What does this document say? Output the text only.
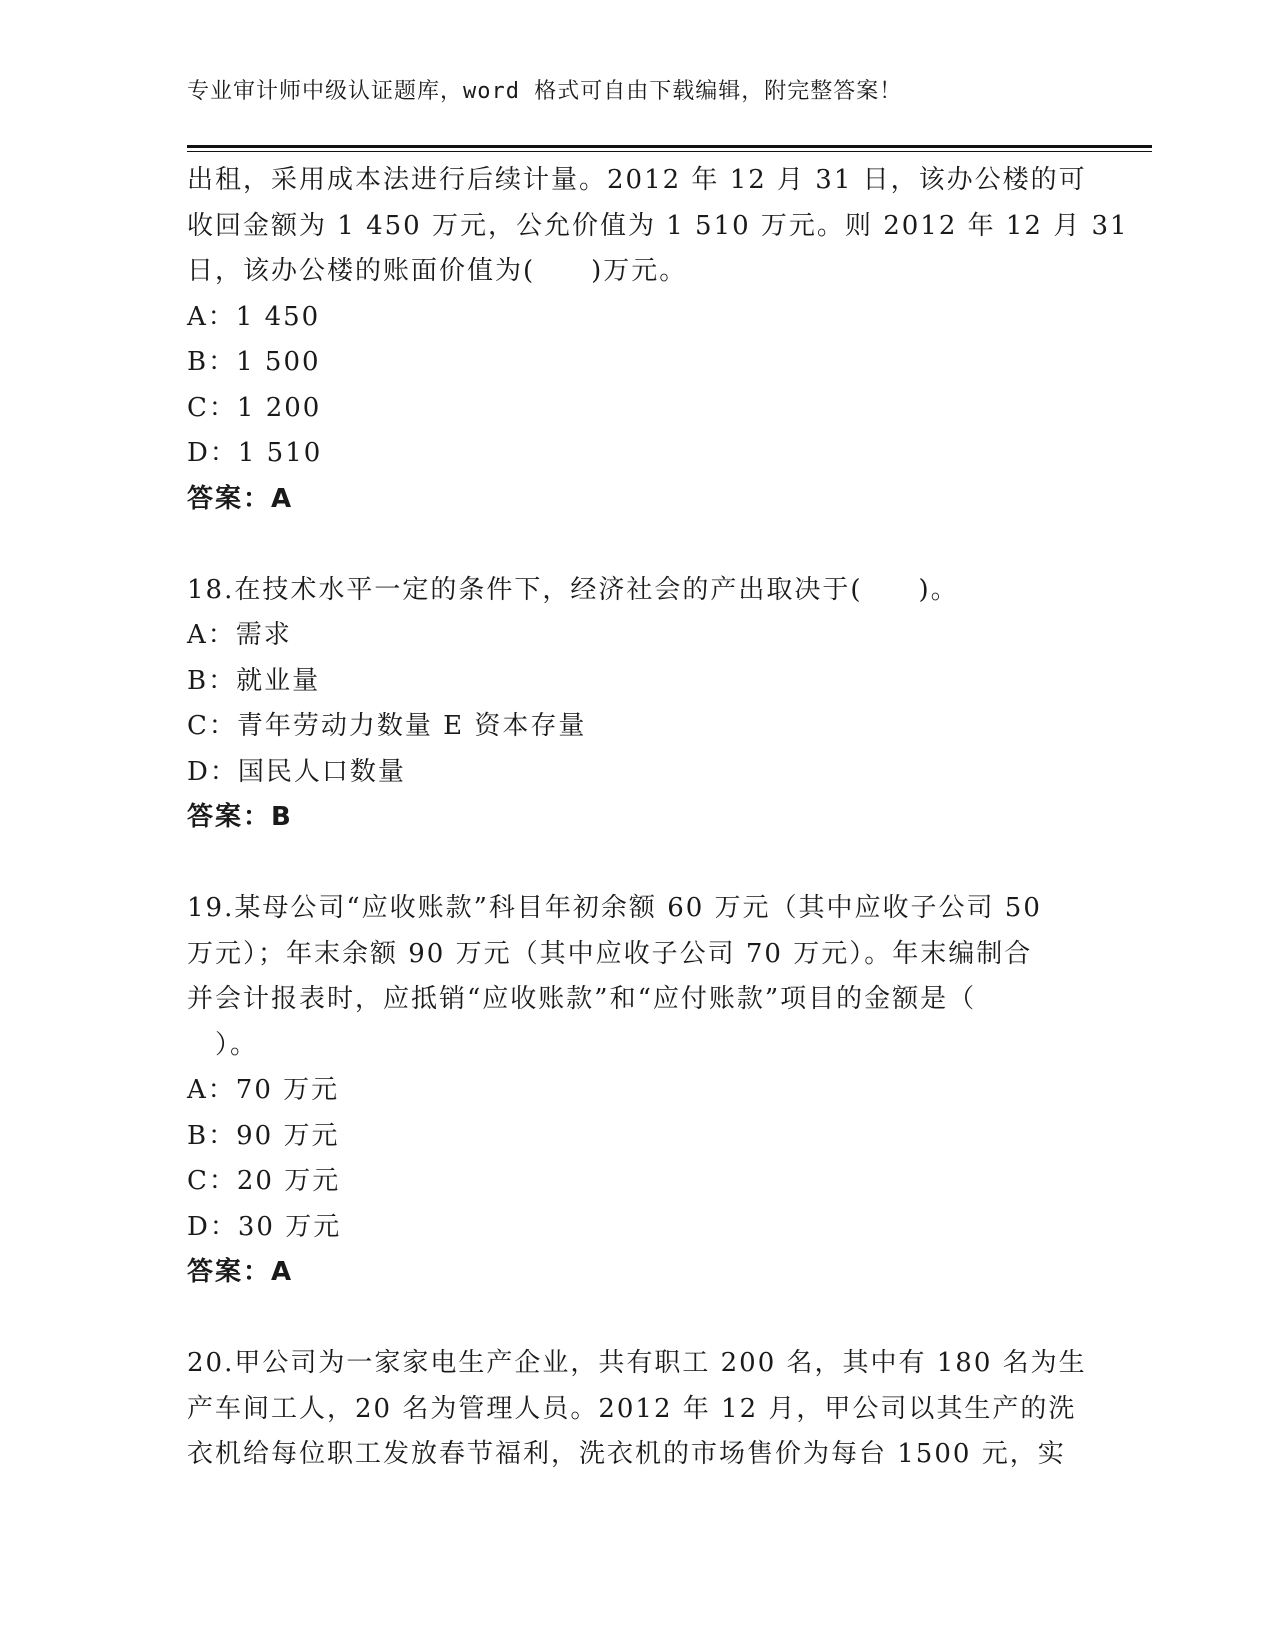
专业审计师中级认证题库，word 格式可自由下载编辑，附完整答案！
出租，采用成本法进行后续计量。2012 年 12 月 31 日，该办公楼的可
收回金额为 1 450 万元，公允价值为 1 510 万元。则 2012 年 12 月 31
日，该办公楼的账面价值为(　　)万元。
A：1 450
B：1 500
C：1 200
D：1 510
答案：A
18.在技术水平一定的条件下，经济社会的产出取决于(　　)。
A：需求
B：就业量
C：青年劳动力数量 E 资本存量
D：国民人口数量
答案：B
19.某母公司“应收账款”科目年初余额 60 万元（其中应收子公司 50
万元）；年末余额 90 万元（其中应收子公司 70 万元）。年末编制合
并会计报表时，应抵销“应收账款”和“应付账款”项目的金额是（
　）。
A：70 万元
B：90 万元
C：20 万元
D：30 万元
答案：A
20.甲公司为一家家电生产企业，共有职工 200 名，其中有 180 名为生
产车间工人，20 名为管理人员。2012 年 12 月，甲公司以其生产的洗
衣机给每位职工发放春节福利，洗衣机的市场售价为每台 1500 元，实
